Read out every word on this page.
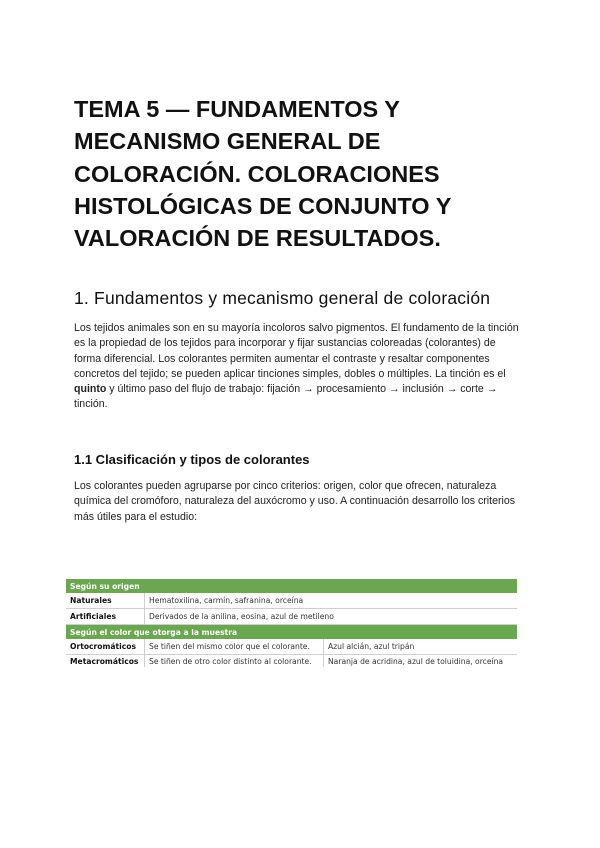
TEMA 5 — FUNDAMENTOS Y MECANISMO GENERAL DE COLORACIÓN. COLORACIONES HISTOLÓGICAS DE CONJUNTO Y VALORACIÓN DE RESULTADOS.
1. Fundamentos y mecanismo general de coloración

Los tejidos animales son en su mayoría incoloros salvo pigmentos. El fundamento de la tinción es la propiedad de los tejidos para incorporar y fijar sustancias coloreadas (colorantes) de forma diferencial. Los colorantes permiten aumentar el contraste y resaltar componentes concretos del tejido; se pueden aplicar tinciones simples, dobles o múltiples. La tinción es el quinto y último paso del flujo de trabajo: fijación → procesamiento → inclusión → corte → tinción.

1.1 Clasificación y tipos de colorantes

Los colorantes pueden agruparse por cinco criterios: origen, color que ofrecen, naturaleza química del cromóforo, naturaleza del auxócromo y uso. A continuación desarrollo los criterios más útiles para el estudio:

Según su origen		
Naturales	Hematoxilina, carmín, safranina, orceína	
Artificiales	Derivados de la anilina, eosina, azul de metileno	
Según el color que otorga a la muestra		
Ortocromáticos	Se tiñen del mismo color que el colorante.	Azul alcián, azul tripán
Metacromáticos	Se tiñen de otro color distinto al colorante.	Naranja de acridina, azul de toluidina, orceína
